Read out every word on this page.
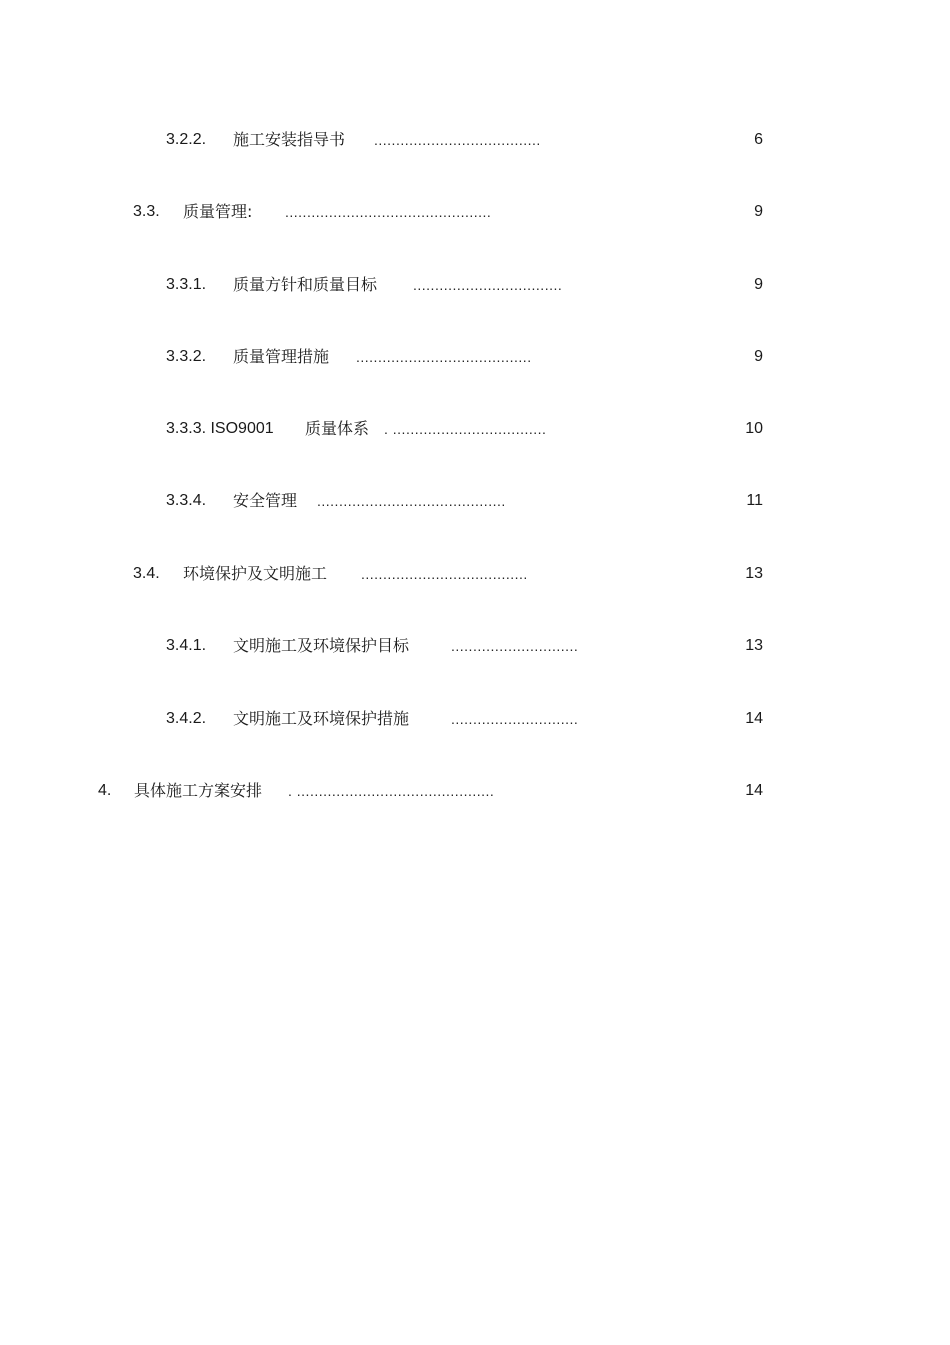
3.2.2. 施工安装指导书 ......................................	6
3.3. 质量管理: ...............................................	9
3.3.1. 质量方针和质量目标	..................................	9
3.3.2. 质量管理措施 ........................................	9
3.3.3. ISO9001 质量体系 . ...................................	10
3.3.4. 安全管理 ...........................................	11
3.4. 环境保护及文明施工 ......................................	13
3.4.1. 文明施工及环境保护目标	.............................	13
3.4.2. 文明施工及环境保护措施	.............................	14
4. 具体施工方案安排 . .............................................	14
